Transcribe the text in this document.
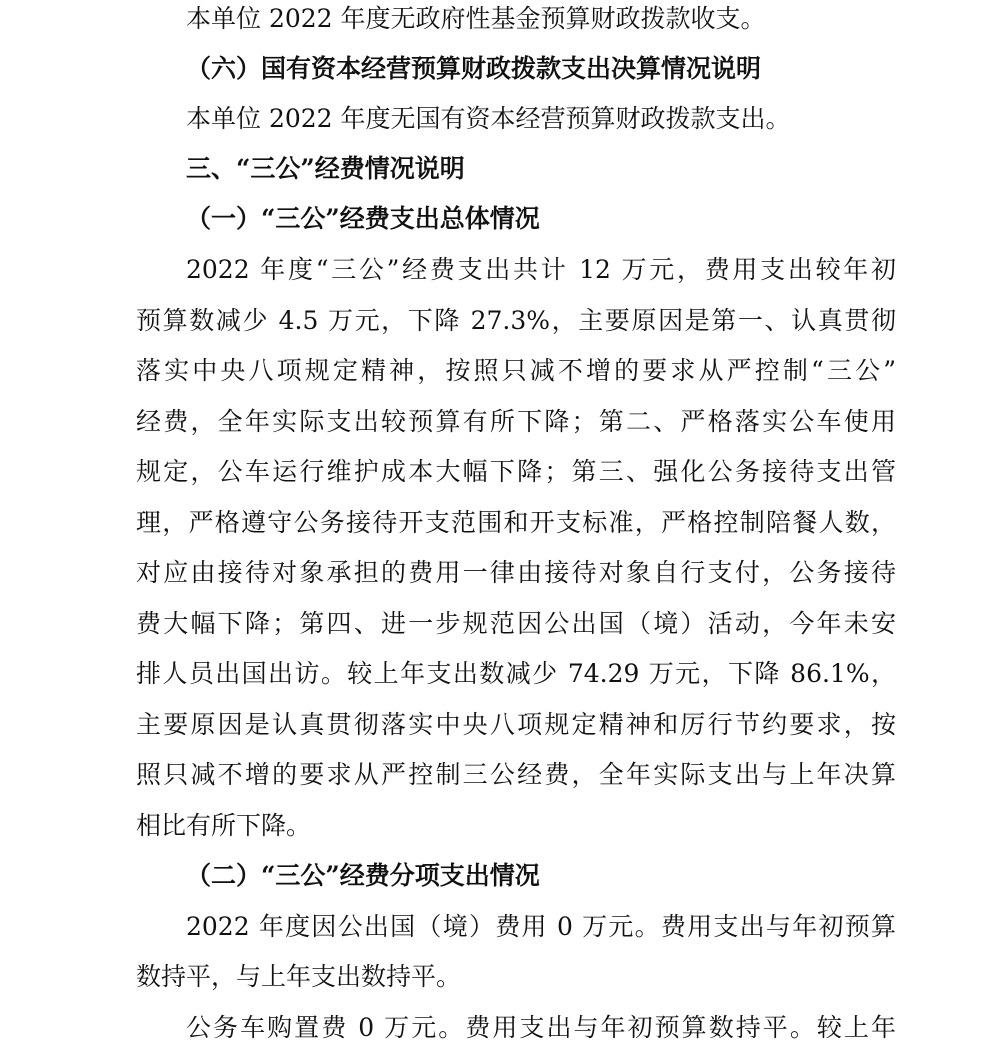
本单位 2022 年度无政府性基金预算财政拨款收支。
（六）国有资本经营预算财政拨款支出决算情况说明
本单位 2022 年度无国有资本经营预算财政拨款支出。
三、“三公”经费情况说明
（一）“三公”经费支出总体情况
2022 年度“三公”经费支出共计 12 万元，费用支出较年初
预算数减少 4.5 万元，下降 27.3%，主要原因是第一、认真贯彻
落实中央八项规定精神，按照只减不增的要求从严控制“三公”
经费，全年实际支出较预算有所下降；第二、严格落实公车使用
规定，公车运行维护成本大幅下降；第三、强化公务接待支出管
理，严格遵守公务接待开支范围和开支标准，严格控制陪餐人数，
对应由接待对象承担的费用一律由接待对象自行支付，公务接待
费大幅下降；第四、进一步规范因公出国（境）活动，今年未安
排人员出国出访。较上年支出数减少 74.29 万元，下降 86.1%，
主要原因是认真贯彻落实中央八项规定精神和厉行节约要求，按
照只减不增的要求从严控制三公经费，全年实际支出与上年决算
相比有所下降。
（二）“三公”经费分项支出情况
2022 年度因公出国（境）费用 0 万元。费用支出与年初预算
数持平，与上年支出数持平。
公务车购置费 0 万元。费用支出与年初预算数持平。较上年
